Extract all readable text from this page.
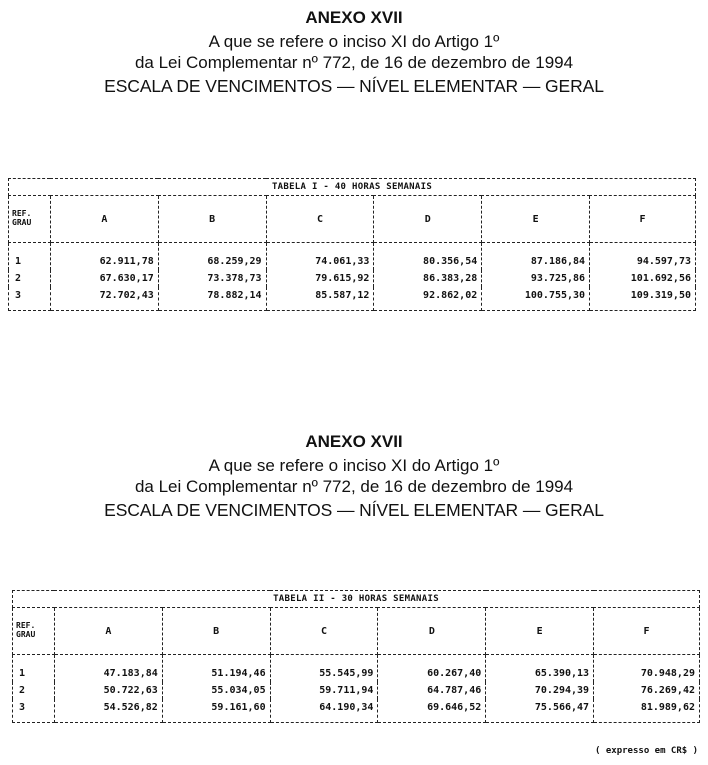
ANEXO XVII
A que se refere o inciso XI do Artigo 1º
da Lei Complementar nº 772, de 16 de dezembro de 1994
ESCALA DE VENCIMENTOS — NÍVEL ELEMENTAR — GERAL
TABELA I - 40 HORAS SEMANAIS						

REF.
GRAU	A	B	C	D	E	F
1	62.911,78	68.259,29	74.061,33	80.356,54	87.186,84	94.597,73
2	67.630,17	73.378,73	79.615,92	86.383,28	93.725,86	101.692,56
3	72.702,43	78.882,14	85.587,12	92.862,02	100.755,30	109.319,50
ANEXO XVII
A que se refere o inciso XI do Artigo 1º
da Lei Complementar nº 772, de 16 de dezembro de 1994
ESCALA DE VENCIMENTOS — NÍVEL ELEMENTAR — GERAL
TABELA II - 30 HORAS SEMANAIS						

REF.
GRAU	A	B	C	D	E	F
1	47.183,84	51.194,46	55.545,99	60.267,40	65.390,13	70.948,29
2	50.722,63	55.034,05	59.711,94	64.787,46	70.294,39	76.269,42
3	54.526,82	59.161,60	64.190,34	69.646,52	75.566,47	81.989,62
( expresso em CR$ )
